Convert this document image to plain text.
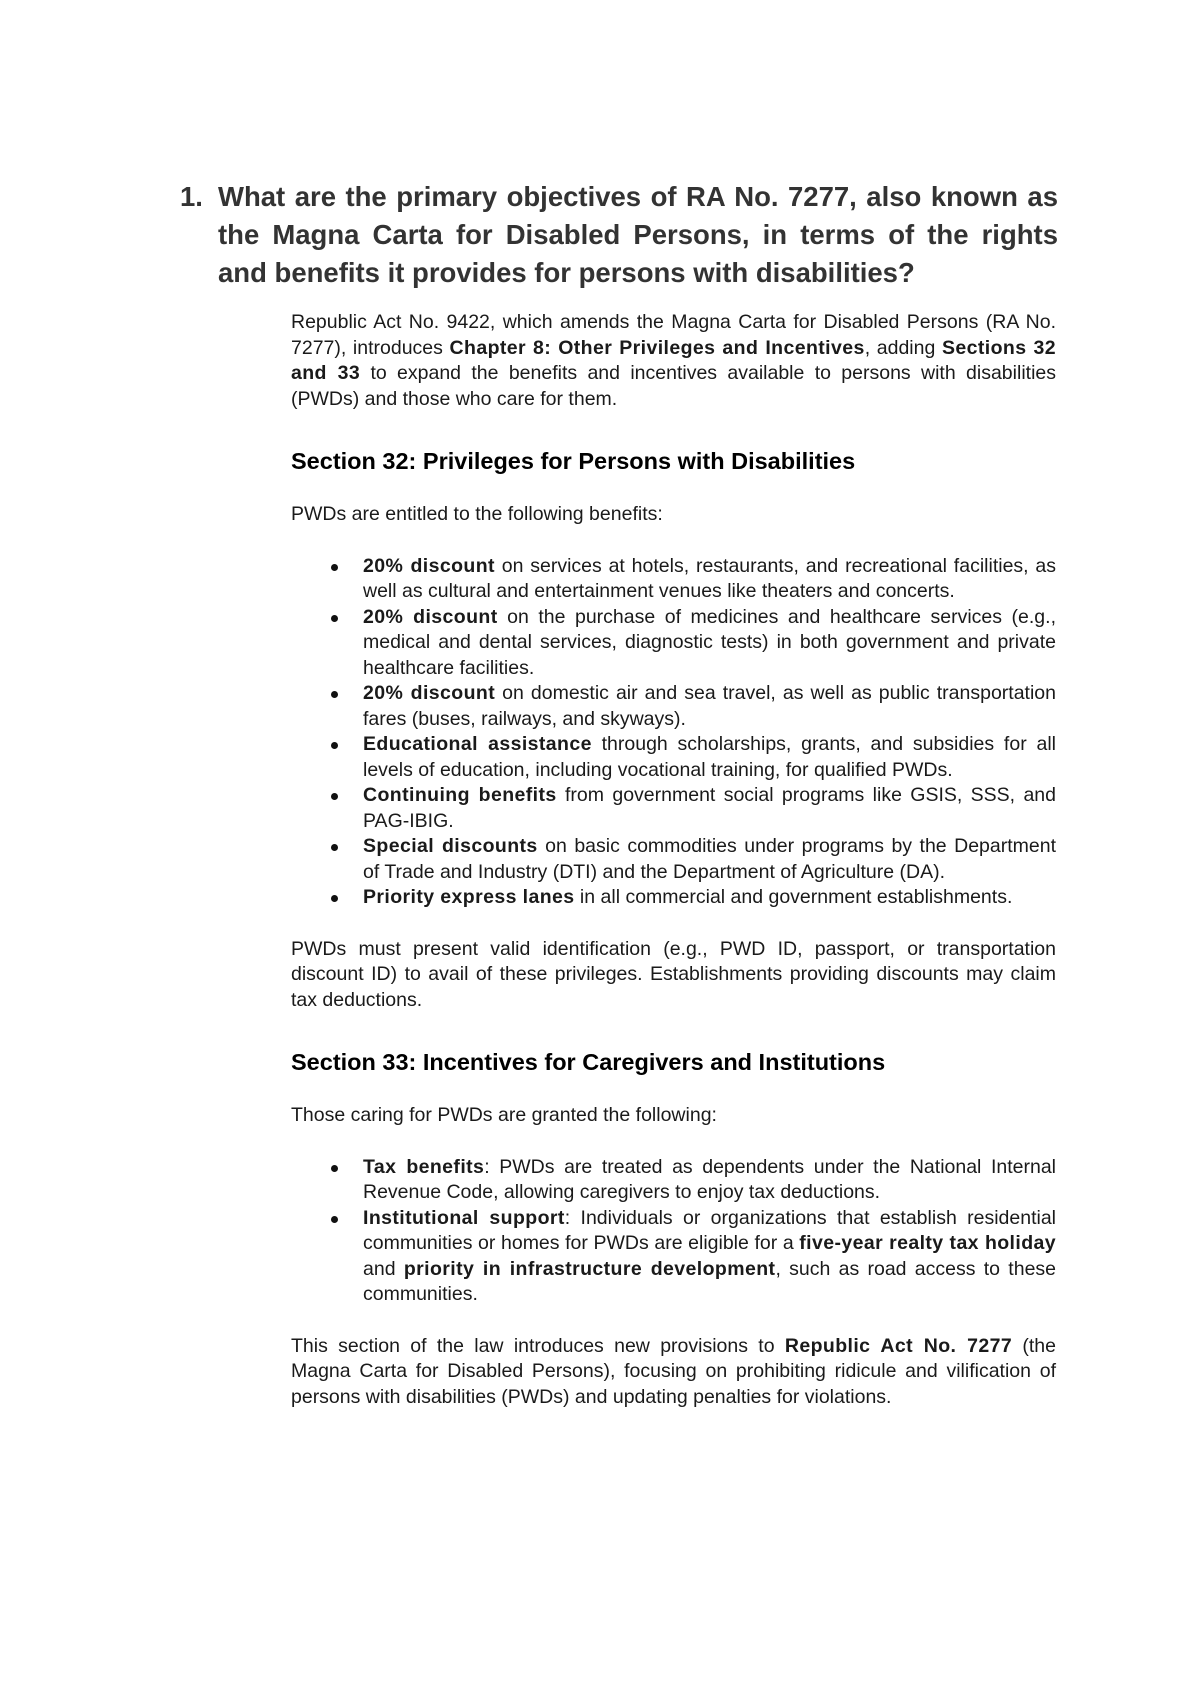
1. What are the primary objectives of RA No. 7277, also known as the Magna Carta for Disabled Persons, in terms of the rights and benefits it provides for persons with disabilities?

Republic Act No. 9422, which amends the Magna Carta for Disabled Persons (RA No. 7277), introduces Chapter 8: Other Privileges and Incentives, adding Sections 32 and 33 to expand the benefits and incentives available to persons with disabilities (PWDs) and those who care for them.

Section 32: Privileges for Persons with Disabilities

PWDs are entitled to the following benefits:

20% discount on services at hotels, restaurants, and recreational facilities, as well as cultural and entertainment venues like theaters and concerts.
20% discount on the purchase of medicines and healthcare services (e.g., medical and dental services, diagnostic tests) in both government and private healthcare facilities.
20% discount on domestic air and sea travel, as well as public transportation fares (buses, railways, and skyways).
Educational assistance through scholarships, grants, and subsidies for all levels of education, including vocational training, for qualified PWDs.
Continuing benefits from government social programs like GSIS, SSS, and PAG-IBIG.
Special discounts on basic commodities under programs by the Department of Trade and Industry (DTI) and the Department of Agriculture (DA).
Priority express lanes in all commercial and government establishments.

PWDs must present valid identification (e.g., PWD ID, passport, or transportation discount ID) to avail of these privileges. Establishments providing discounts may claim tax deductions.

Section 33: Incentives for Caregivers and Institutions

Those caring for PWDs are granted the following:

Tax benefits: PWDs are treated as dependents under the National Internal Revenue Code, allowing caregivers to enjoy tax deductions.
Institutional support: Individuals or organizations that establish residential communities or homes for PWDs are eligible for a five-year realty tax holiday and priority in infrastructure development, such as road access to these communities.

This section of the law introduces new provisions to Republic Act No. 7277 (the Magna Carta for Disabled Persons), focusing on prohibiting ridicule and vilification of persons with disabilities (PWDs) and updating penalties for violations.
